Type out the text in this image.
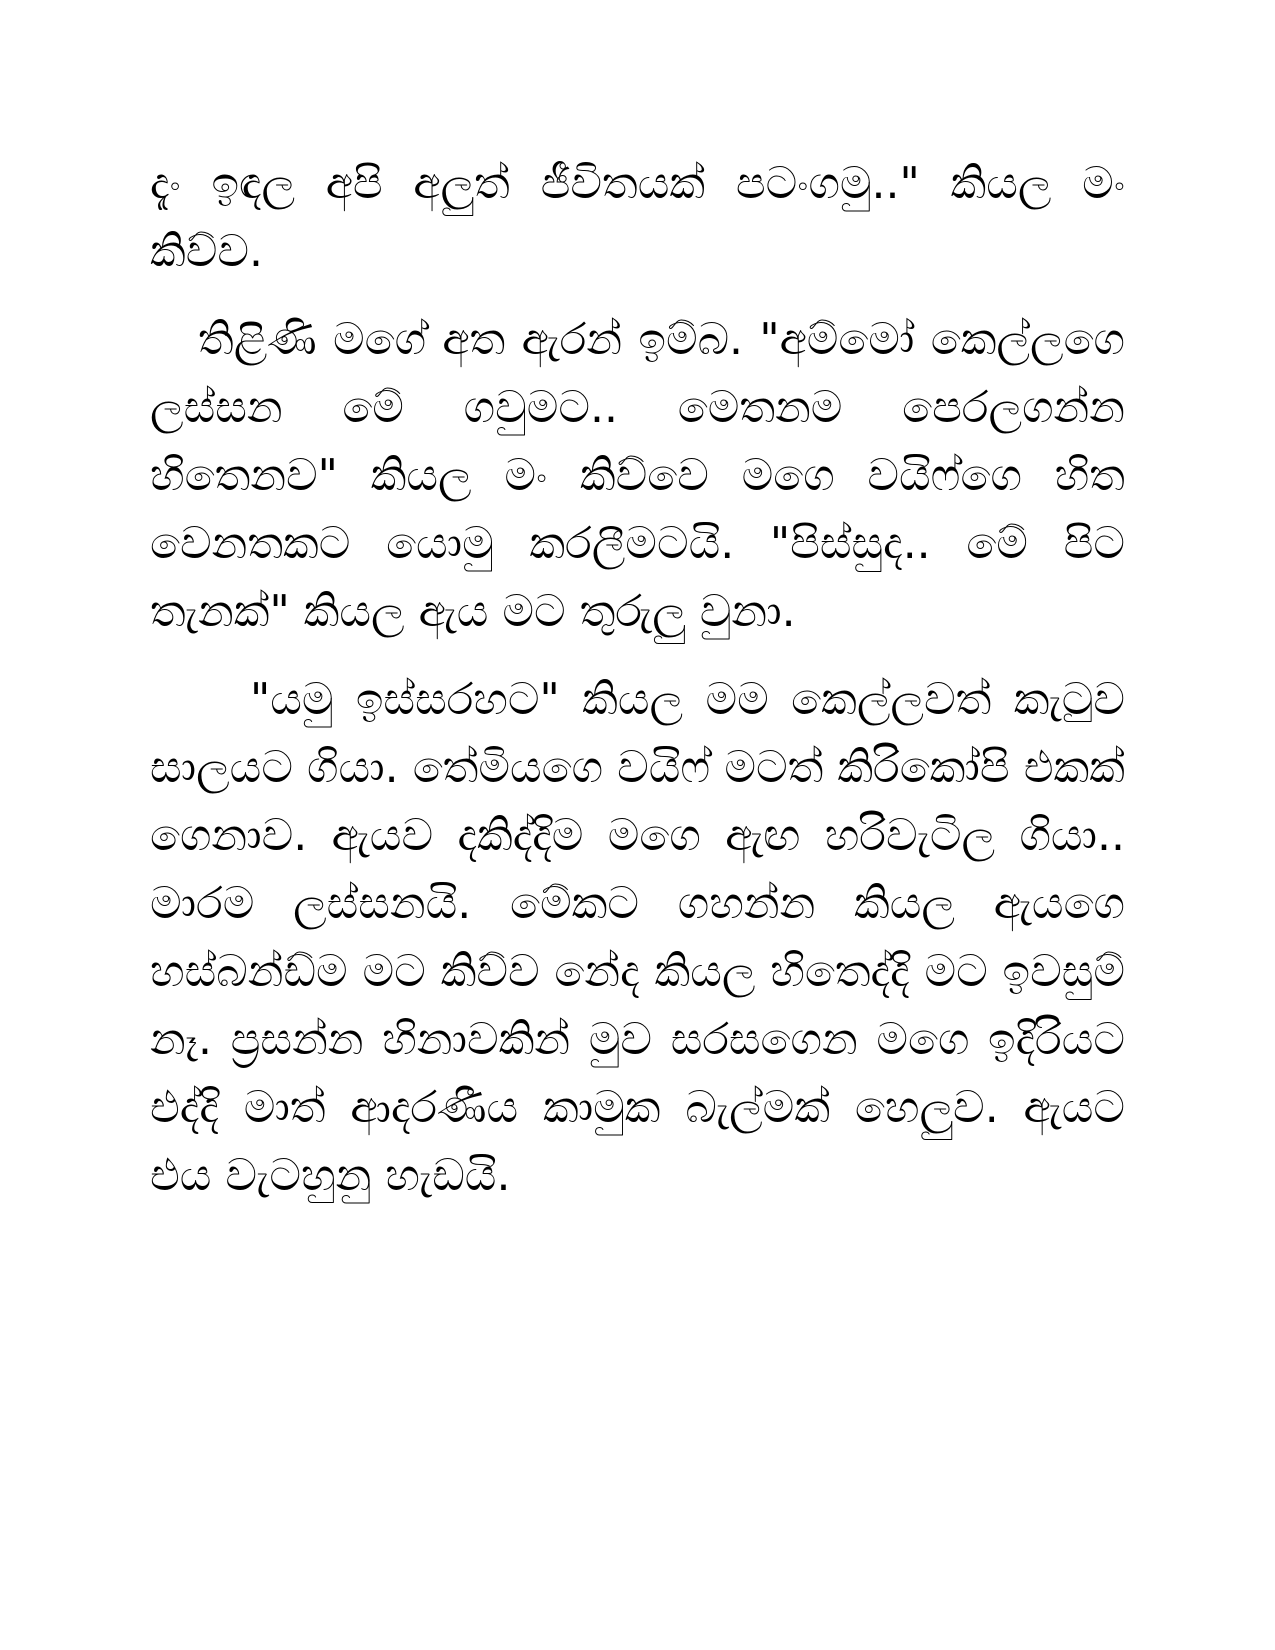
දැං ඉඳල අපි අලුත් ජීවිතයක් පටංගමු.." කියල මං කිව්ව.

තිළිණි මගේ අත ඇරන් ඉම්බ. "අම්මෝ කෙල්ලගෙ ලස්සන මේ ගවුමට.. මෙතනම පෙරලගන්න හිතෙනව" කියල මං කිව්වෙ මගෙ වයිෆ්ගෙ හිත වෙනතකට යොමු කරලීමටයි. "පිස්සුද.. මේ පිට තැනක්" කියල ඇය මට තුරුලු වුනා.

"යමු ඉස්සරහට" කියල මම කෙල්ලවත් කැටුව සාලයට ගියා. තේමියගෙ වයිෆ් මටත් කිරිකෝපි එකක් ගෙනාව. ඇයව දකිද්දිම මගෙ ඇඟ හරිවැටිල ගියා.. මාරම ලස්සනයි. මේකට ගහන්න කියල ඇයගෙ හස්බන්ඩ්ම මට කිව්ව නේද කියල හිතෙද්දි මට ඉවසුම් නෑ. ප්‍රසන්න හිනාවකින් මුව සරසගෙන මගෙ ඉදිරියට එද්දි මාත් ආදරණීය කාමුක බැල්මක් හෙලුව. ඇයට එය වැටහුනු හැඩයි.
